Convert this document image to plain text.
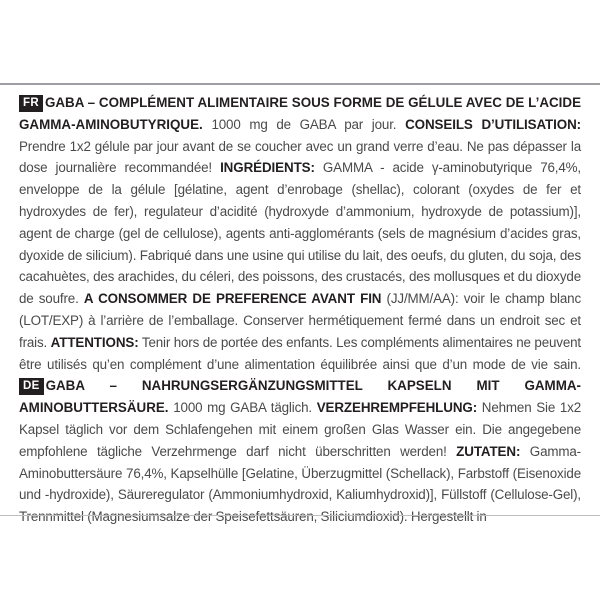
FR GABA – COMPLÉMENT ALIMENTAIRE SOUS FORME DE GÉLULE AVEC DE L’ACIDE GAMMA-AMINOBUTYRIQUE. 1000 mg de GABA par jour. CONSEILS D’UTILISATION: Prendre 1x2 gélule par jour avant de se coucher avec un grand verre d’eau. Ne pas dépasser la dose journalière recommandée! INGRÉDIENTS: GAMMA - acide γ-aminobutyrique 76,4%, enveloppe de la gélule [gélatine, agent d’enrobage (shellac), colorant (oxydes de fer et hydroxydes de fer), regulateur d’acidité (hydroxyde d’ammonium, hydroxyde de potassium)], agent de charge (gel de cellulose), agents anti-agglomérants (sels de magnésium d’acides gras, dyoxide de silicium). Fabriqué dans une usine qui utilise du lait, des oeufs, du gluten, du soja, des cacahuètes, des arachides, du céleri, des poissons, des crustacés, des mollusques et du dioxyde de soufre. A CONSOMMER DE PREFERENCE AVANT FIN (JJ/MM/AA): voir le champ blanc (LOT/EXP) à l’arrière de l’emballage. Conserver hermétiquement fermé dans un endroit sec et frais. ATTENTIONS: Tenir hors de portée des enfants. Les compléments alimentaires ne peuvent être utilisés qu’en complément d’une alimentation équilibrée ainsi que d’un mode de vie sain. DE GABA – NAHRUNGSERGÄNZUNGSMITTEL KAPSELN MIT GAMMA-AMINOBUTTERSÄURE. 1000 mg GABA täglich. VERZEHREMPFEHLUNG: Nehmen Sie 1x2 Kapsel täglich vor dem Schlafengehen mit einem großen Glas Wasser ein. Die angegebene empfohlene tägliche Verzehrmenge darf nicht überschritten werden! ZUTATEN: Gamma-Aminobuttersäure 76,4%, Kapselhülle [Gelatine, Überzugmittel (Schellack), Farbstoff (Eisenoxide und -hydroxide), Säureregulator (Ammoniumhydroxid, Kaliumhydroxid)], Füllstoff (Cellulose-Gel), Trennmittel (Magnesiumsalze der Speisefettsäuren, Siliciumdioxid). Hergestellt in
